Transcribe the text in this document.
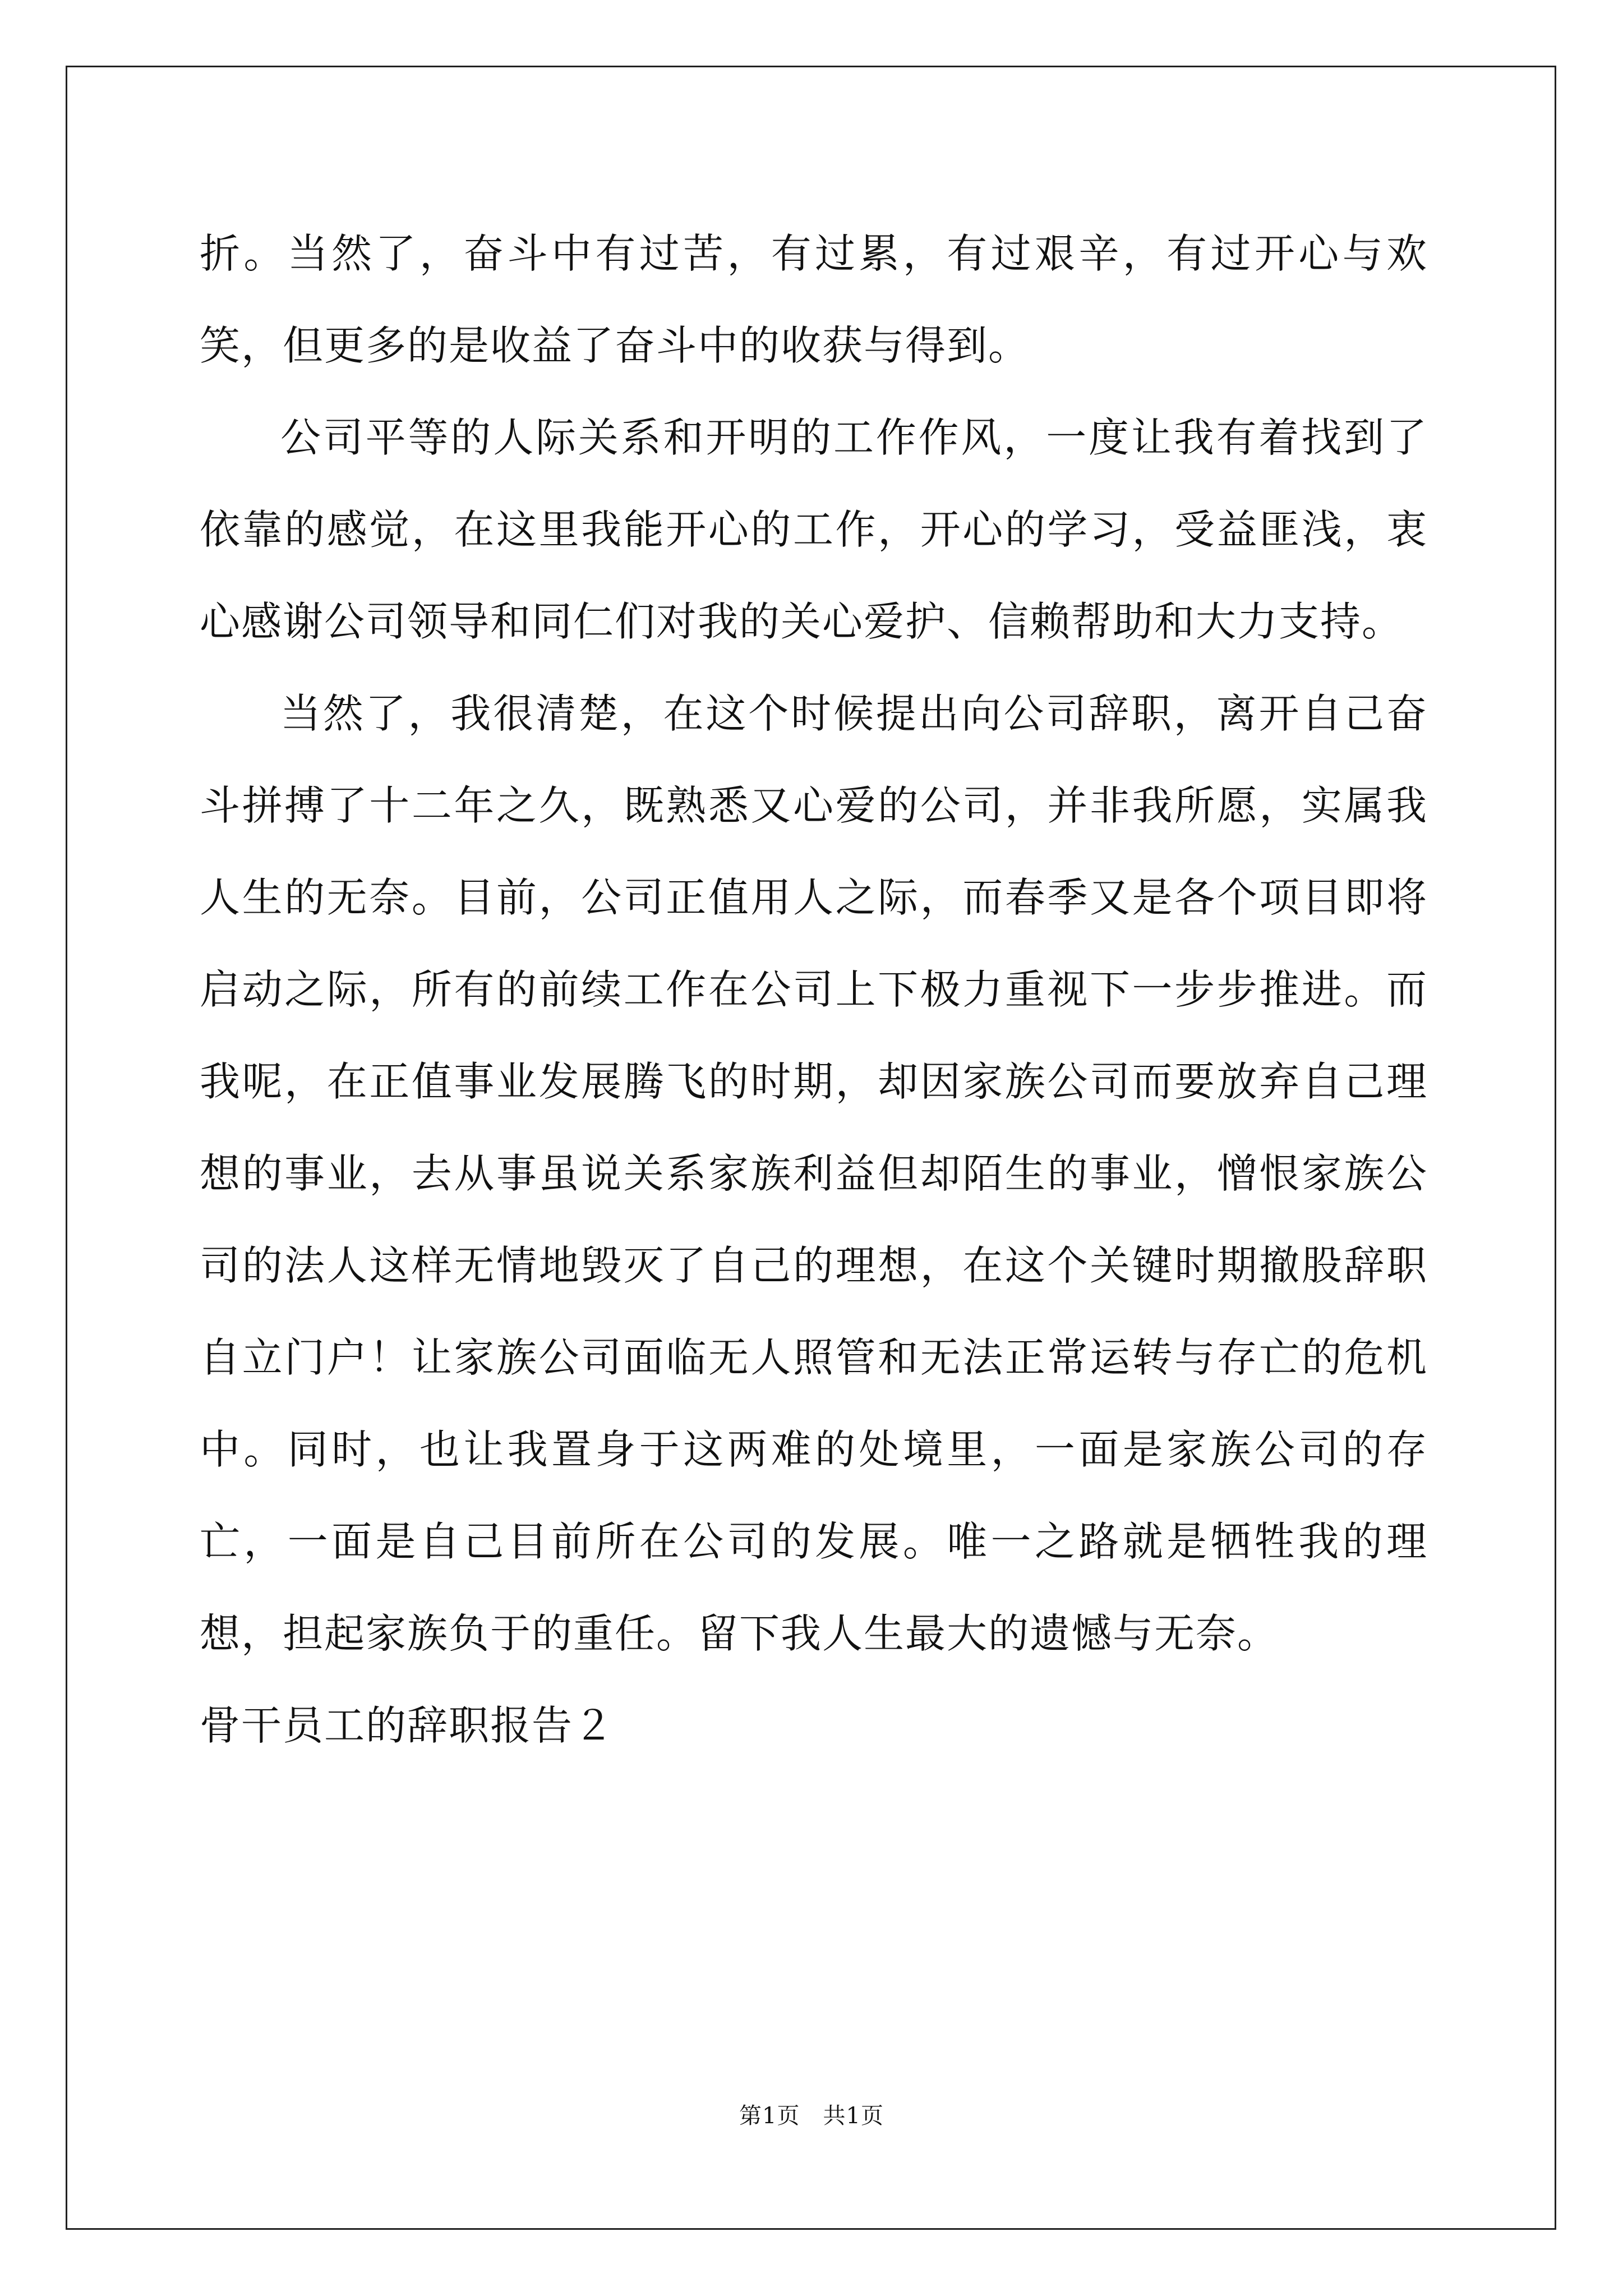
折。当然了，奋斗中有过苦，有过累，有过艰辛，有过开心与欢笑，但更多的是收益了奋斗中的收获与得到。

公司平等的人际关系和开明的工作作风，一度让我有着找到了依靠的感觉，在这里我能开心的工作，开心的学习，受益匪浅，衷心感谢公司领导和同仁们对我的关心爱护、信赖帮助和大力支持。

当然了，我很清楚，在这个时候提出向公司辞职，离开自己奋斗拼搏了十二年之久，既熟悉又心爱的公司，并非我所愿，实属我人生的无奈。目前，公司正值用人之际，而春季又是各个项目即将启动之际，所有的前续工作在公司上下极力重视下一步步推进。而我呢，在正值事业发展腾飞的时期，却因家族公司而要放弃自己理想的事业，去从事虽说关系家族利益但却陌生的事业，憎恨家族公司的法人这样无情地毁灭了自己的理想，在这个关键时期撤股辞职自立门户！让家族公司面临无人照管和无法正常运转与存亡的危机中。同时，也让我置身于这两难的处境里，一面是家族公司的存亡，一面是自己目前所在公司的发展。唯一之路就是牺牲我的理想，担起家族负于的重任。留下我人生最大的遗憾与无奈。

骨干员工的辞职报告２

第1页　共1页
